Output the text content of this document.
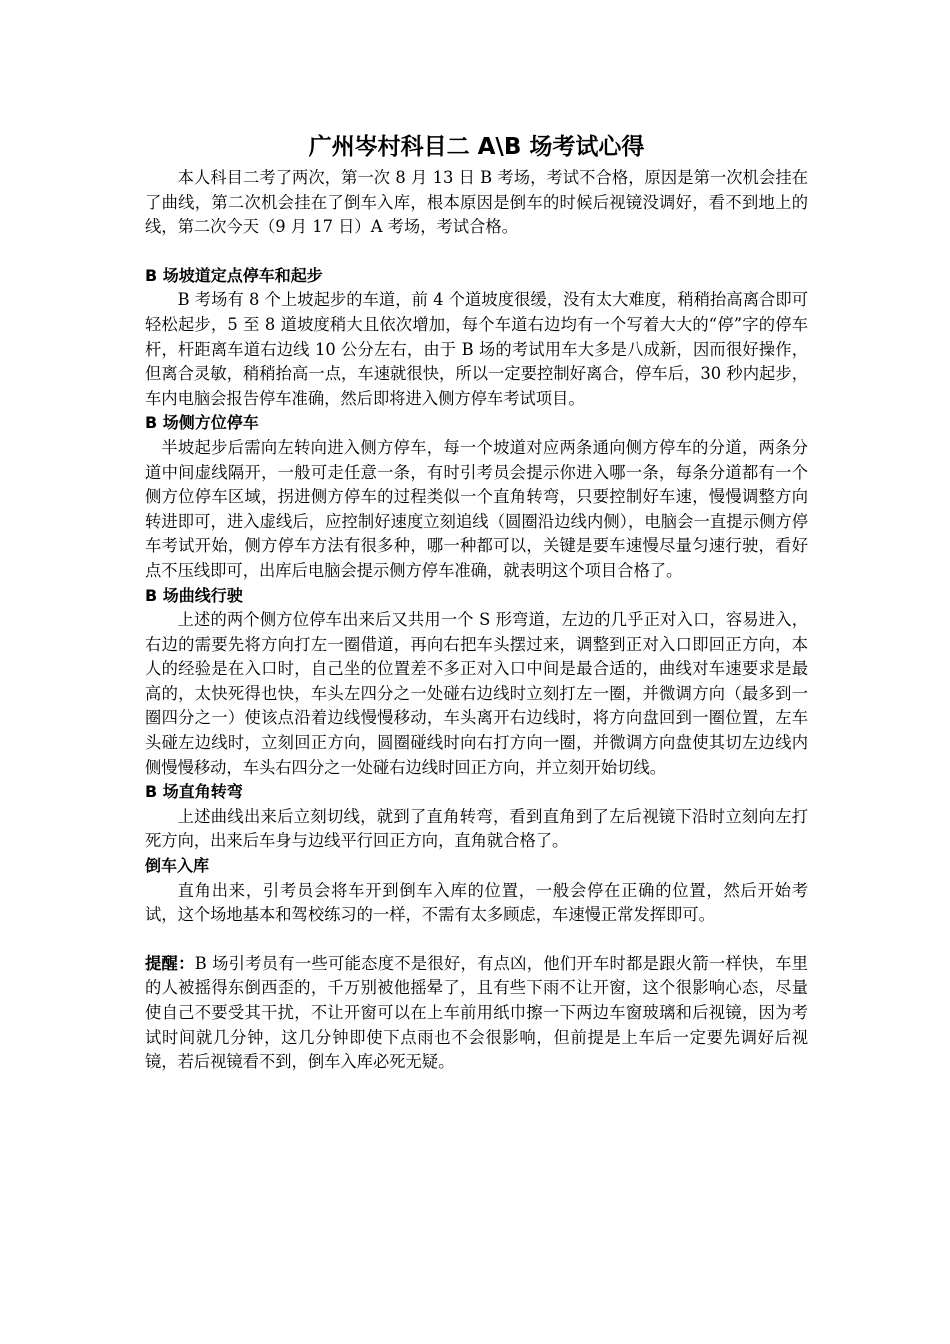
广州岑村科目二 A\B 场考试心得

本人科目二考了两次，第一次 8 月 13 日 B 考场，考试不合格，原因是第一次机会挂在了曲线，第二次机会挂在了倒车入库，根本原因是倒车的时候后视镜没调好，看不到地上的线，第二次今天（9 月 17 日）A 考场，考试合格。

B 场坡道定点停车和起步

B 考场有 8 个上坡起步的车道，前 4 个道坡度很缓，没有太大难度，稍稍抬高离合即可轻松起步，5 至 8 道坡度稍大且依次增加，每个车道右边均有一个写着大大的“停”字的停车杆，杆距离车道右边线 10 公分左右，由于 B 场的考试用车大多是八成新，因而很好操作，但离合灵敏，稍稍抬高一点，车速就很快，所以一定要控制好离合，停车后，30 秒内起步，车内电脑会报告停车准确，然后即将进入侧方停车考试项目。

B 场侧方位停车

半坡起步后需向左转向进入侧方停车，每一个坡道对应两条通向侧方停车的分道，两条分道中间虚线隔开，一般可走任意一条，有时引考员会提示你进入哪一条，每条分道都有一个侧方位停车区域，拐进侧方停车的过程类似一个直角转弯，只要控制好车速，慢慢调整方向转进即可，进入虚线后，应控制好速度立刻追线（圆圈沿边线内侧），电脑会一直提示侧方停车考试开始，侧方停车方法有很多种，哪一种都可以，关键是要车速慢尽量匀速行驶，看好点不压线即可，出库后电脑会提示侧方停车准确，就表明这个项目合格了。

B 场曲线行驶

上述的两个侧方位停车出来后又共用一个 S 形弯道，左边的几乎正对入口，容易进入，右边的需要先将方向打左一圈借道，再向右把车头摆过来，调整到正对入口即回正方向，本人的经验是在入口时，自己坐的位置差不多正对入口中间是最合适的，曲线对车速要求是最高的，太快死得也快，车头左四分之一处碰右边线时立刻打左一圈，并微调方向（最多到一圈四分之一）使该点沿着边线慢慢移动，车头离开右边线时，将方向盘回到一圈位置，左车头碰左边线时，立刻回正方向，圆圈碰线时向右打方向一圈，并微调方向盘使其切左边线内侧慢慢移动，车头右四分之一处碰右边线时回正方向，并立刻开始切线。

B 场直角转弯

上述曲线出来后立刻切线，就到了直角转弯，看到直角到了左后视镜下沿时立刻向左打死方向，出来后车身与边线平行回正方向，直角就合格了。

倒车入库

直角出来，引考员会将车开到倒车入库的位置，一般会停在正确的位置，然后开始考试，这个场地基本和驾校练习的一样，不需有太多顾虑，车速慢正常发挥即可。

提醒：B 场引考员有一些可能态度不是很好，有点凶，他们开车时都是跟火箭一样快，车里的人被摇得东倒西歪的，千万别被他摇晕了，且有些下雨不让开窗，这个很影响心态，尽量使自己不要受其干扰，不让开窗可以在上车前用纸巾擦一下两边车窗玻璃和后视镜，因为考试时间就几分钟，这几分钟即使下点雨也不会很影响，但前提是上车后一定要先调好后视镜，若后视镜看不到，倒车入库必死无疑。
